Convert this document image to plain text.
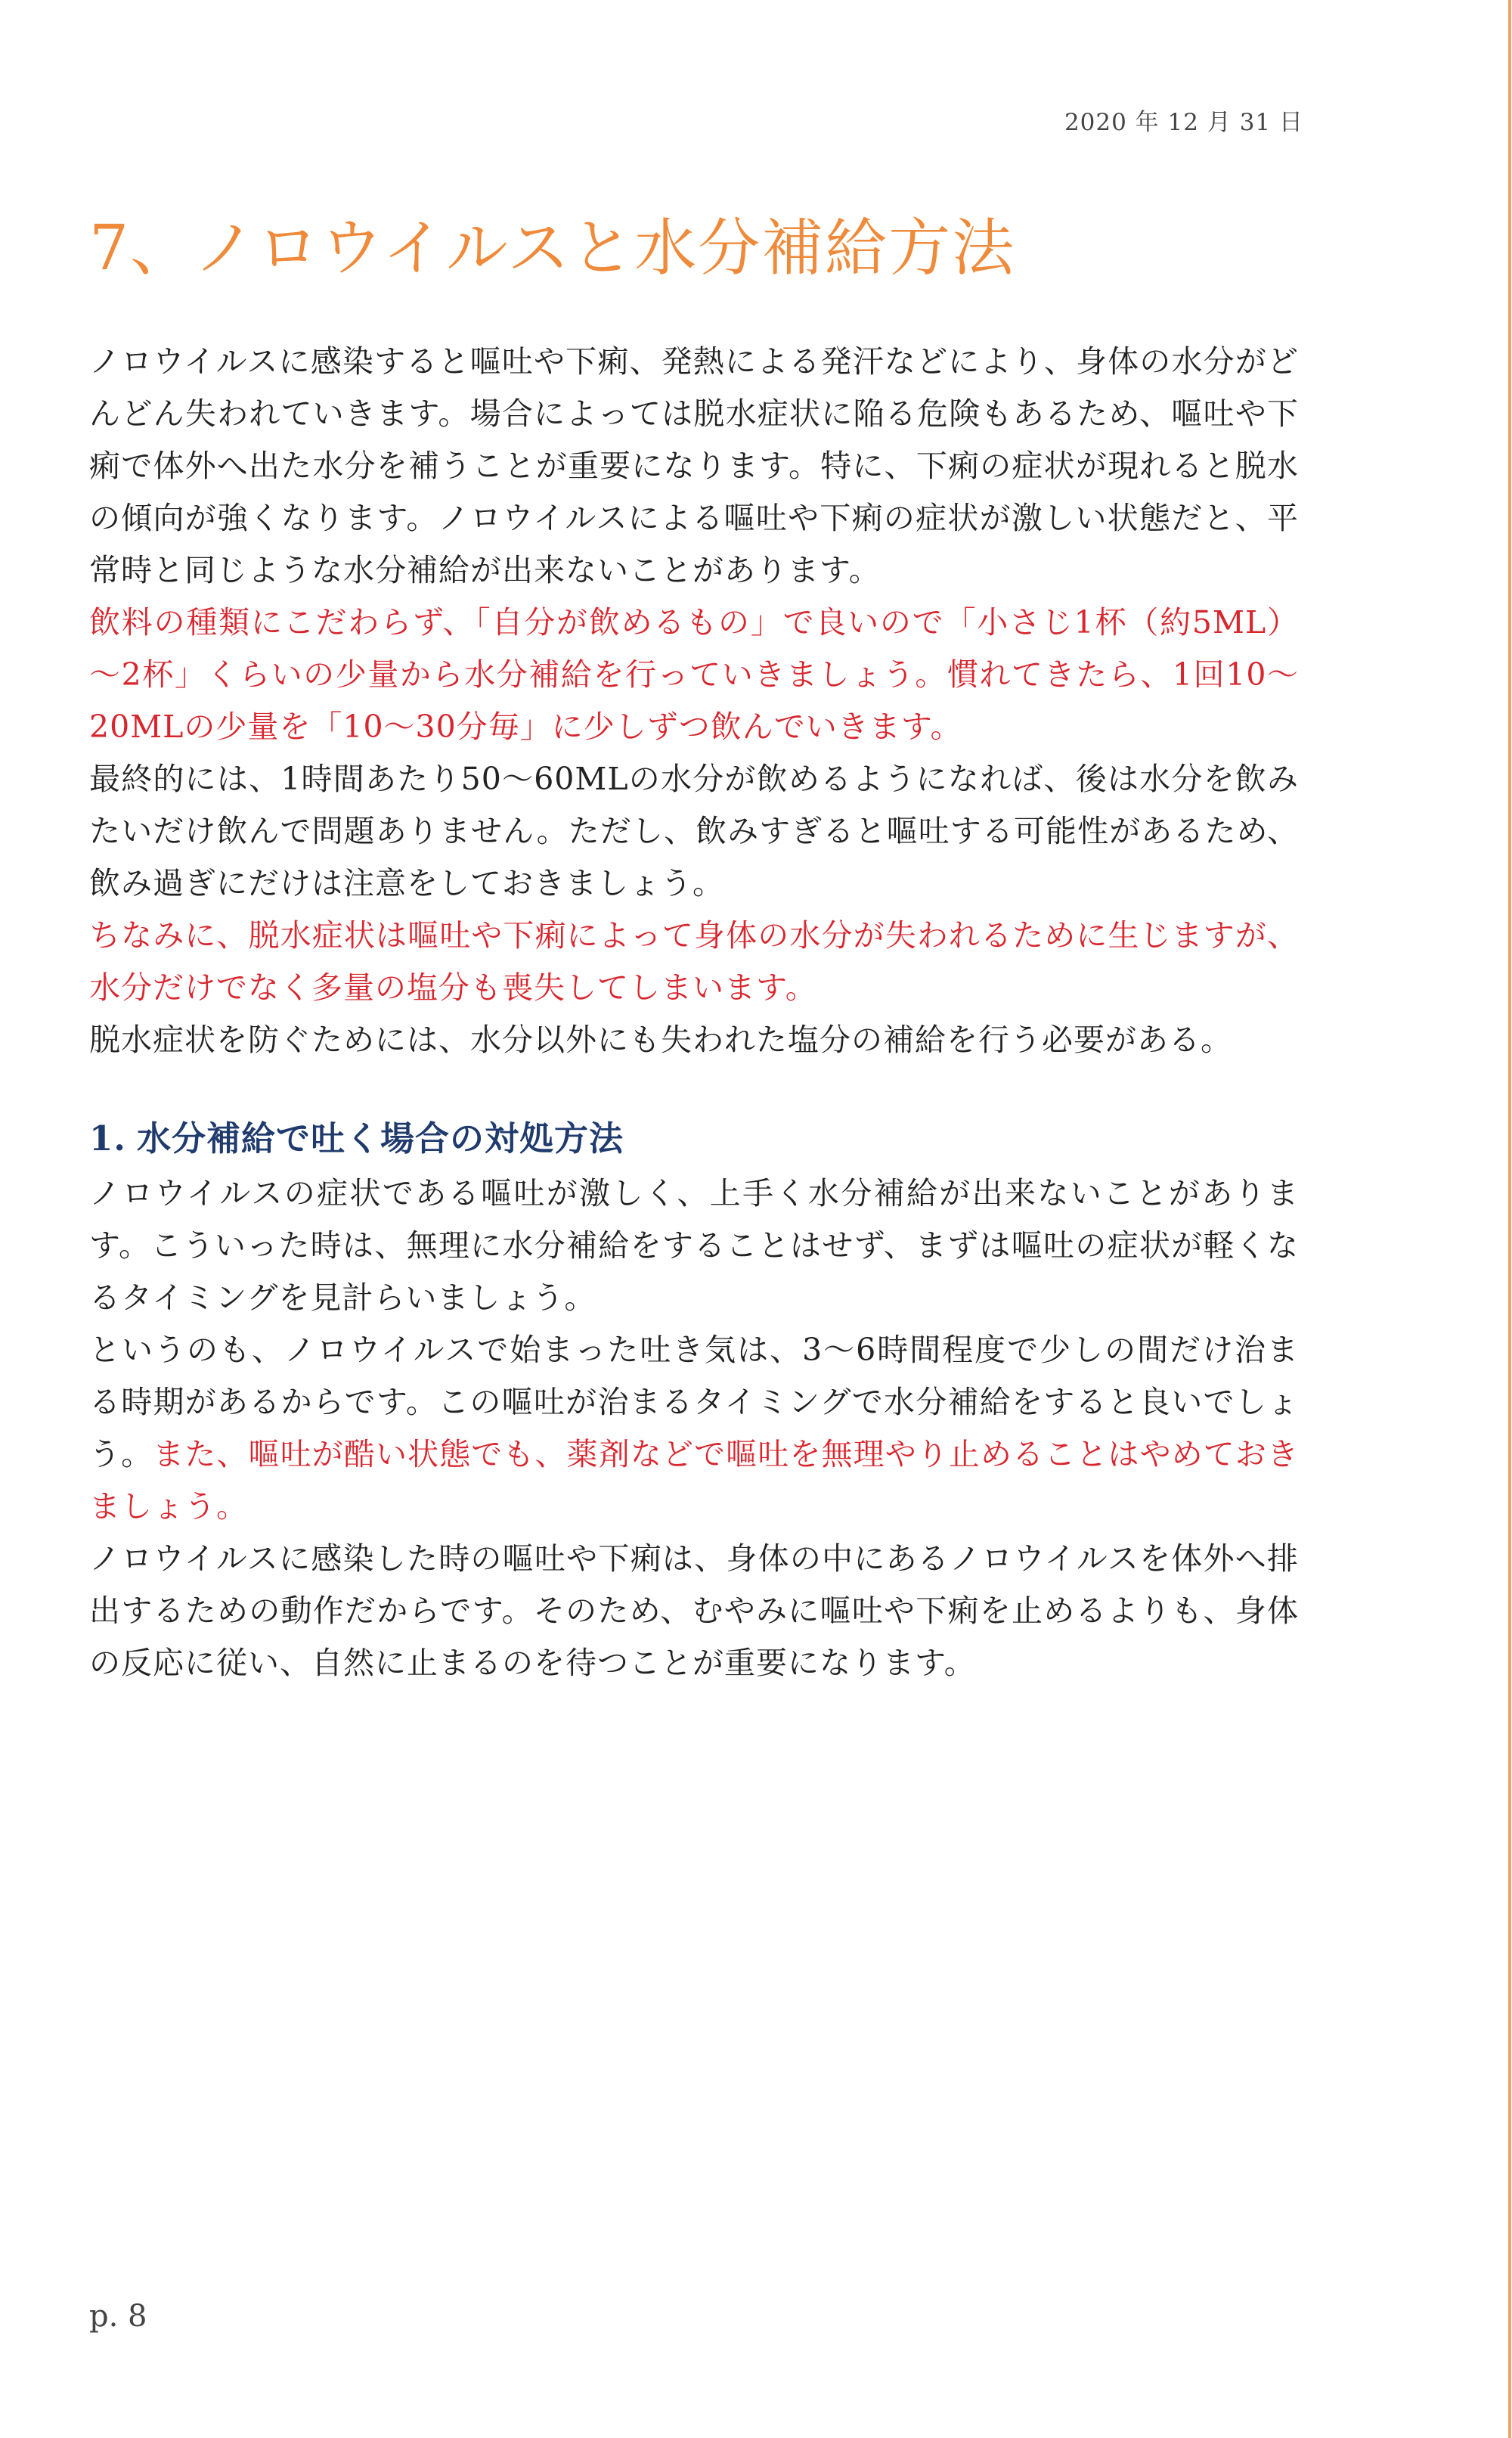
2020 年 12 月 31 日
7、ノロウイルスと水分補給方法

ノロウイルスに感染すると嘔吐や下痢、発熱による発汗などにより、身体の水分がどんどん失われていきます。場合によっては脱水症状に陥る危険もあるため、嘔吐や下痢で体外へ出た水分を補うことが重要になります。特に、下痢の症状が現れると脱水の傾向が強くなります。ノロウイルスによる嘔吐や下痢の症状が激しい状態だと、平常時と同じような水分補給が出来ないことがあります。

飲料の種類にこだわらず、「自分が飲めるもの」で良いので「小さじ1杯（約5ML）～2杯」くらいの少量から水分補給を行っていきましょう。慣れてきたら、1回10～20MLの少量を「10～30分毎」に少しずつ飲んでいきます。

最終的には、1時間あたり50～60MLの水分が飲めるようになれば、後は水分を飲みたいだけ飲んで問題ありません。ただし、飲みすぎると嘔吐する可能性があるため、飲み過ぎにだけは注意をしておきましょう。

ちなみに、脱水症状は嘔吐や下痢によって身体の水分が失われるために生じますが、水分だけでなく多量の塩分も喪失してしまいます。

脱水症状を防ぐためには、水分以外にも失われた塩分の補給を行う必要がある。

1. 水分補給で吐く場合の対処方法

ノロウイルスの症状である嘔吐が激しく、上手く水分補給が出来ないことがあります。こういった時は、無理に水分補給をすることはせず、まずは嘔吐の症状が軽くなるタイミングを見計らいましょう。

というのも、ノロウイルスで始まった吐き気は、3～6時間程度で少しの間だけ治まる時期があるからです。この嘔吐が治まるタイミングで水分補給をすると良いでしょう。また、嘔吐が酷い状態でも、薬剤などで嘔吐を無理やり止めることはやめておきましょう。

ノロウイルスに感染した時の嘔吐や下痢は、身体の中にあるノロウイルスを体外へ排出するための動作だからです。そのため、むやみに嘔吐や下痢を止めるよりも、身体の反応に従い、自然に止まるのを待つことが重要になります。

p. 8
